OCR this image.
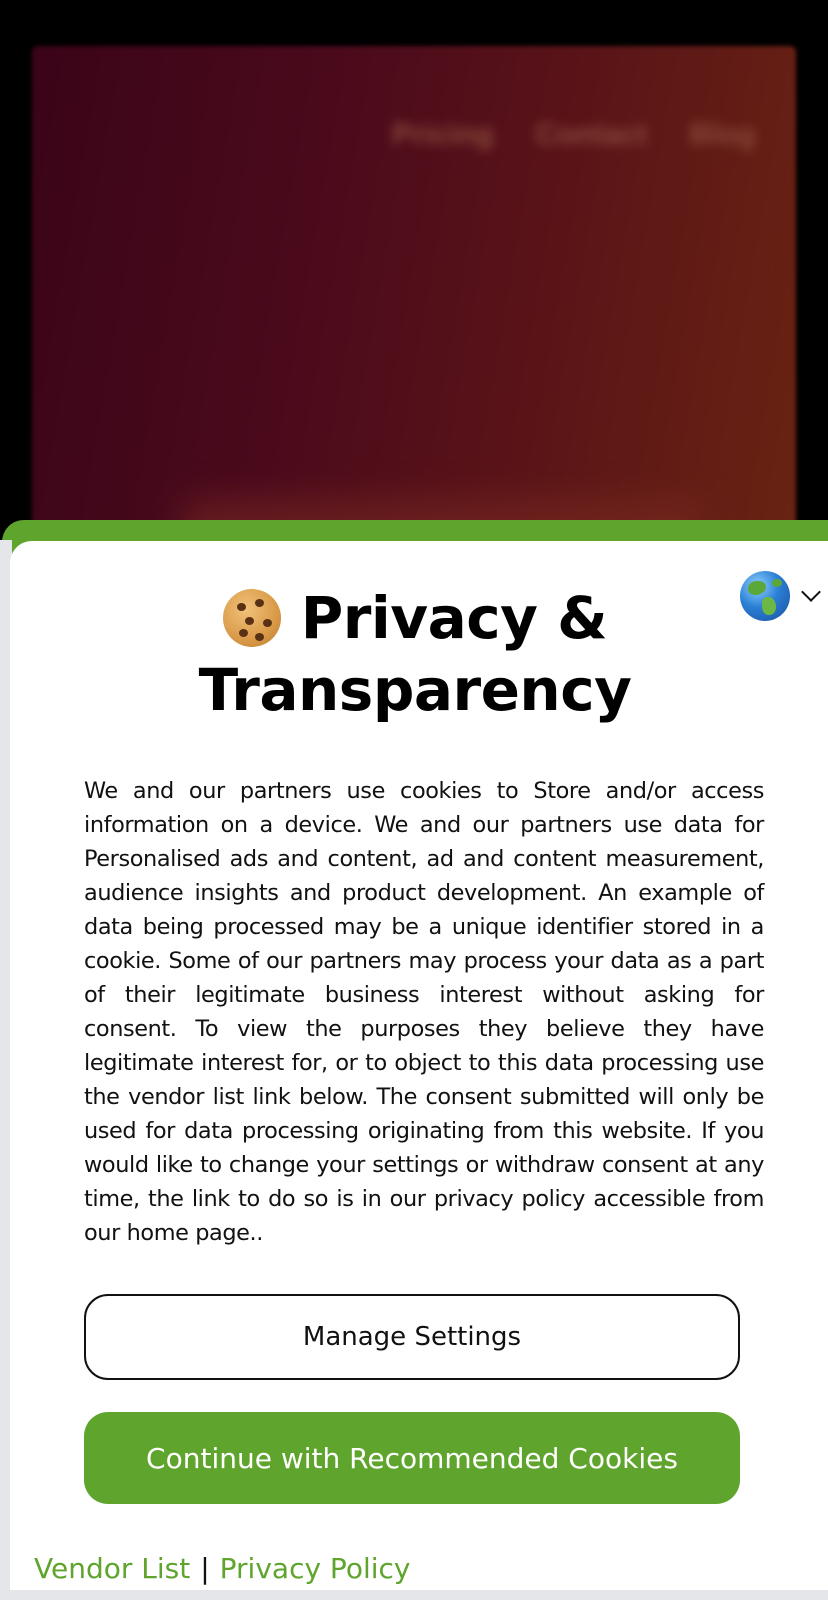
Pricing Contact Blog
Privacy &
Transparency

We and our partners use cookies to Store and/or access information on a device. We and our partners use data for Personalised ads and content, ad and content measurement, audience insights and product development. An example of data being processed may be a unique identifier stored in a cookie. Some of our partners may process your data as a part of their legitimate business interest without asking for consent. To view the purposes they believe they have legitimate interest for, or to object to this data processing use the vendor list link below. The consent submitted will only be used for data processing originating from this website. If you would like to change your settings or withdraw consent at any time, the link to do so is in our privacy policy accessible from our home page..

Manage Settings
Continue with Recommended Cookies
Vendor List | Privacy Policy
